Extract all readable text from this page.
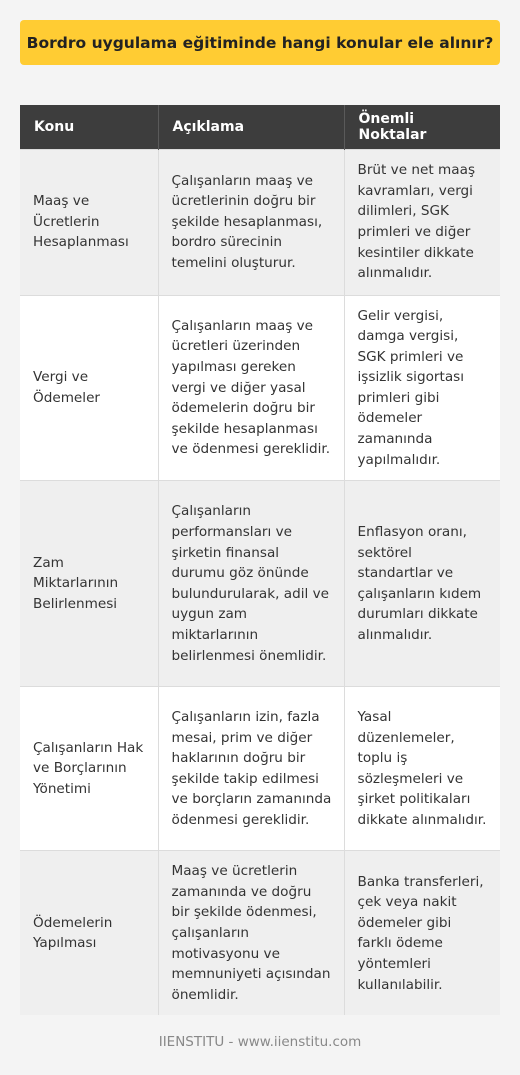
Bordro uygulama eğitiminde hangi konular ele alınır?
Konu	Açıklama	Önemli Noktalar
Maaş ve Ücretlerin Hesaplanması	Çalışanların maaş ve ücretlerinin doğru bir şekilde hesaplanması, bordro sürecinin temelini oluşturur.	Brüt ve net maaş kavramları, vergi dilimleri, SGK primleri ve diğer kesintiler dikkate alınmalıdır.
Vergi ve Ödemeler	Çalışanların maaş ve ücretleri üzerinden yapılması gereken vergi ve diğer yasal ödemelerin doğru bir şekilde hesaplanması ve ödenmesi gereklidir.	Gelir vergisi, damga vergisi, SGK primleri ve işsizlik sigortası primleri gibi ödemeler zamanında yapılmalıdır.
Zam Miktarlarının Belirlenmesi	Çalışanların performansları ve şirketin finansal durumu göz önünde bulundurularak, adil ve uygun zam miktarlarının belirlenmesi önemlidir.	Enflasyon oranı, sektörel standartlar ve çalışanların kıdem durumları dikkate alınmalıdır.
Çalışanların Hak ve Borçlarının Yönetimi	Çalışanların izin, fazla mesai, prim ve diğer haklarının doğru bir şekilde takip edilmesi ve borçların zamanında ödenmesi gereklidir.	Yasal düzenlemeler, toplu iş sözleşmeleri ve şirket politikaları dikkate alınmalıdır.
Ödemelerin Yapılması	Maaş ve ücretlerin zamanında ve doğru bir şekilde ödenmesi, çalışanların motivasyonu ve memnuniyeti açısından önemlidir.	Banka transferleri, çek veya nakit ödemeler gibi farklı ödeme yöntemleri kullanılabilir.
IIENSTITU - www.iienstitu.com
